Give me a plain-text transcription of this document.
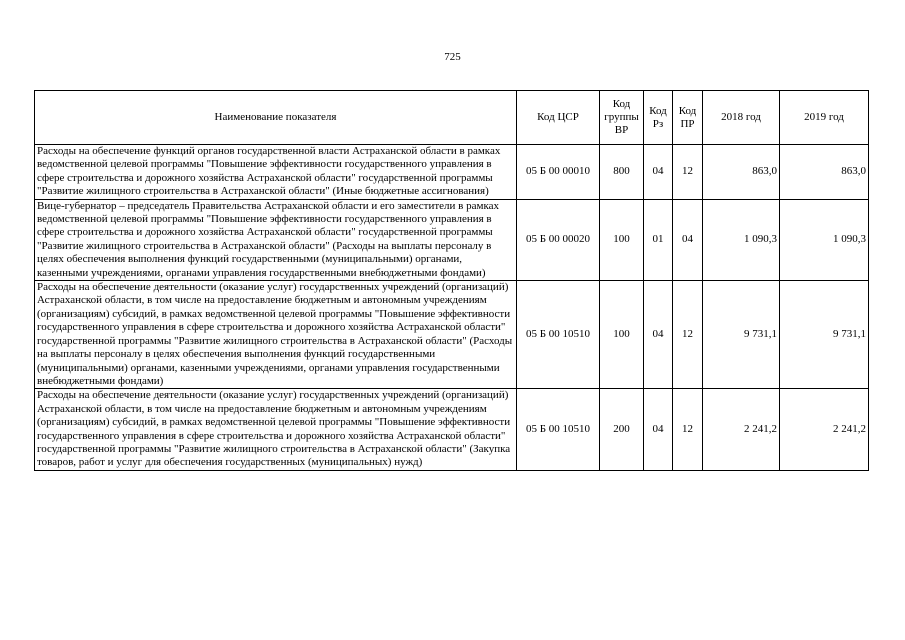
725
Наименование показателя	Код ЦСР	Код группы ВР	Код Рз	Код ПР	2018 год	2019 год
Расходы на обеспечение функций органов государственной власти Астраханской области в рамках ведомственной целевой программы "Повышение эффективности государственного управления в сфере строительства и дорожного хозяйства Астраханской области" государственной программы "Развитие жилищного строительства в Астраханской области" (Иные бюджетные ассигнования)	05 Б 00 00010	800	04	12	863,0	863,0
Вице-губернатор – председатель Правительства Астраханской области и его заместители в рамках ведомственной целевой программы "Повышение эффективности государственного управления в сфере строительства и дорожного хозяйства Астраханской области" государственной программы "Развитие жилищного строительства в Астраханской области" (Расходы на выплаты персоналу в целях обеспечения выполнения функций государственными (муниципальными) органами, казенными учреждениями, органами управления государственными внебюджетными фондами)	05 Б 00 00020	100	01	04	1 090,3	1 090,3
Расходы на обеспечение деятельности (оказание услуг) государственных учреждений (организаций) Астраханской области, в том числе на предоставление бюджетным и автономным учреждениям (организациям) субсидий, в рамках ведомственной целевой программы "Повышение эффективности государственного управления в сфере строительства и дорожного хозяйства Астраханской области" государственной программы "Развитие жилищного строительства в Астраханской области" (Расходы на выплаты персоналу в целях обеспечения выполнения функций государственными (муниципальными) органами, казенными учреждениями, органами управления государственными внебюджетными фондами)	05 Б 00 10510	100	04	12	9 731,1	9 731,1
Расходы на обеспечение деятельности (оказание услуг) государственных учреждений (организаций) Астраханской области, в том числе на предоставление бюджетным и автономным учреждениям (организациям) субсидий, в рамках ведомственной целевой программы "Повышение эффективности государственного управления в сфере строительства и дорожного хозяйства Астраханской области" государственной программы "Развитие жилищного строительства в Астраханской области" (Закупка товаров, работ и услуг для обеспечения государственных (муниципальных) нужд)	05 Б 00 10510	200	04	12	2 241,2	2 241,2
